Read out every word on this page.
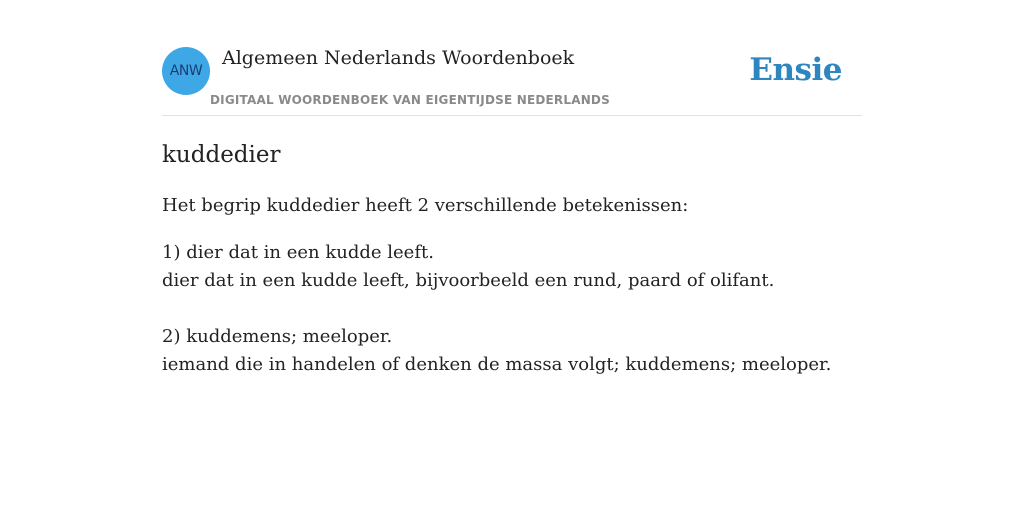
ANW
Algemeen Nederlands Woordenboek
DIGITAAL WOORDENBOEK VAN EIGENTIJDSE NEDERLANDS
Ensie
kuddedier
Het begrip kuddedier heeft 2 verschillende betekenissen:
1) dier dat in een kudde leeft.
dier dat in een kudde leeft, bijvoorbeeld een rund, paard of olifant.
2) kuddemens; meeloper.
iemand die in handelen of denken de massa volgt; kuddemens; meeloper.
